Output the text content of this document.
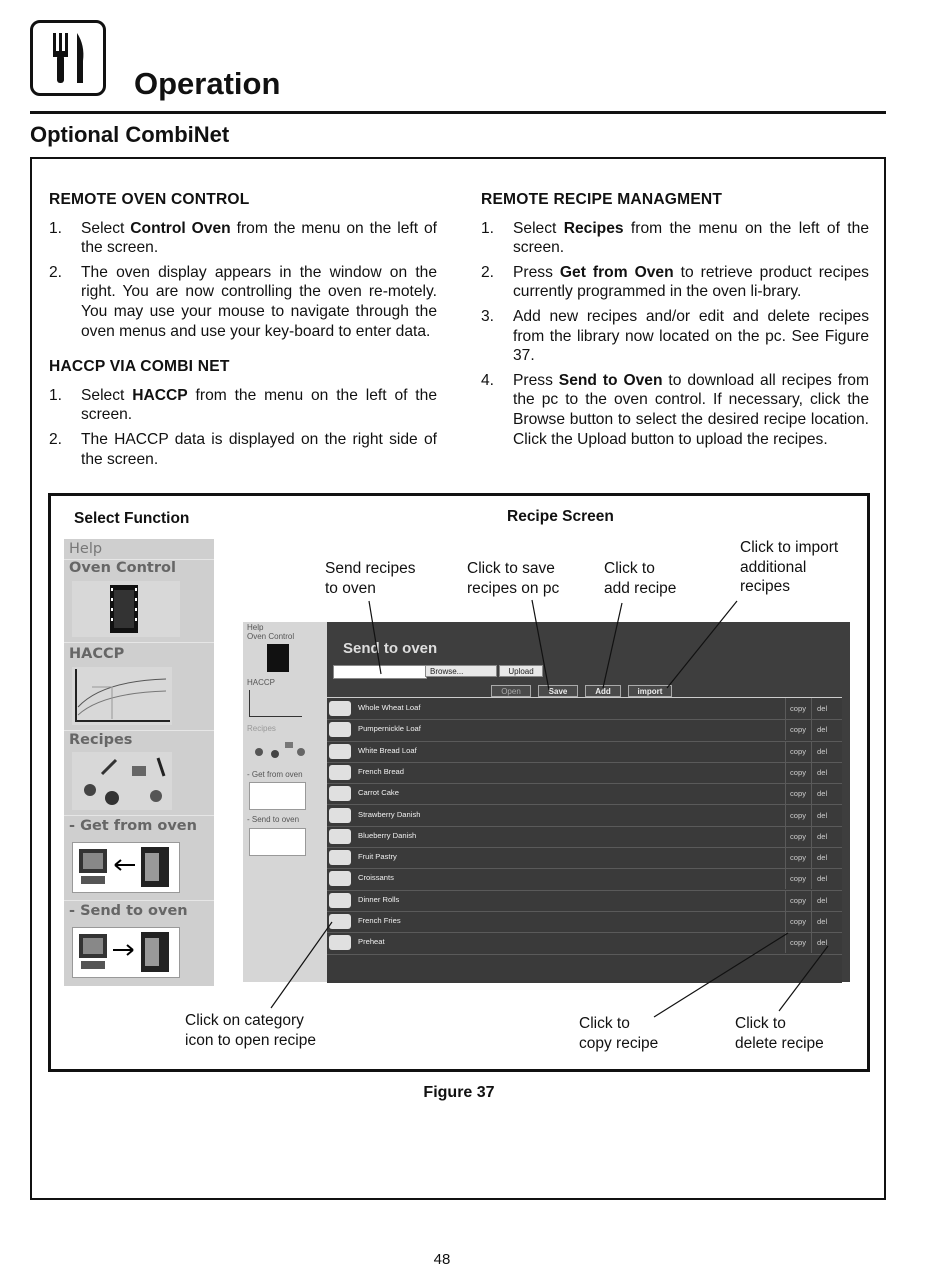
Operation
Optional CombiNet
REMOTE OVEN CONTROL
1. Select Control Oven from the menu on the left of the screen.
2. The oven display appears in the window on the right. You are now controlling the oven re-motely. You may use your mouse to navigate through the oven menus and use your key-board to enter data.
HACCP VIA COMBI NET
1. Select HACCP from the menu on the left of the screen.
2. The HACCP data is displayed on the right side of the screen.
REMOTE RECIPE MANAGMENT
1. Select Recipes from the menu on the left of the screen.
2. Press Get from Oven to retrieve product recipes currently programmed in the oven li-brary.
3. Add new recipes and/or edit and delete recipes from the library now located on the pc. See Figure 37.
4. Press Send to Oven to download all recipes from the pc to the oven control. If necessary, click the Browse button to select the desired recipe location. Click the Upload button to upload the recipes.
Select Function	Recipe Screen
Send recipes
to oven
Click to save
recipes on pc
Click to
add recipe
Click to import
additional
recipes
Click on category
icon to open recipe
Click to
copy recipe
Click to
delete recipe
Help
Oven Control
HACCP
Recipes
- Get from oven
- Send to oven
Help
Oven Control
HACCP
Recipes
- Get from oven
- Send to oven
Send to oven
Browse...	Upload
Open	Save	Add	import
Whole Wheat Loaf	copy del
Pumpernickle Loaf	copy del
White Bread Loaf	copy del
French Bread	copy del
Carrot Cake	copy del
Strawberry Danish	copy del
Blueberry Danish	copy del
Fruit Pastry	copy del
Croissants	copy del
Dinner Rolls	copy del
French Fries	copy del
Preheat	copy del
Figure 37
48
